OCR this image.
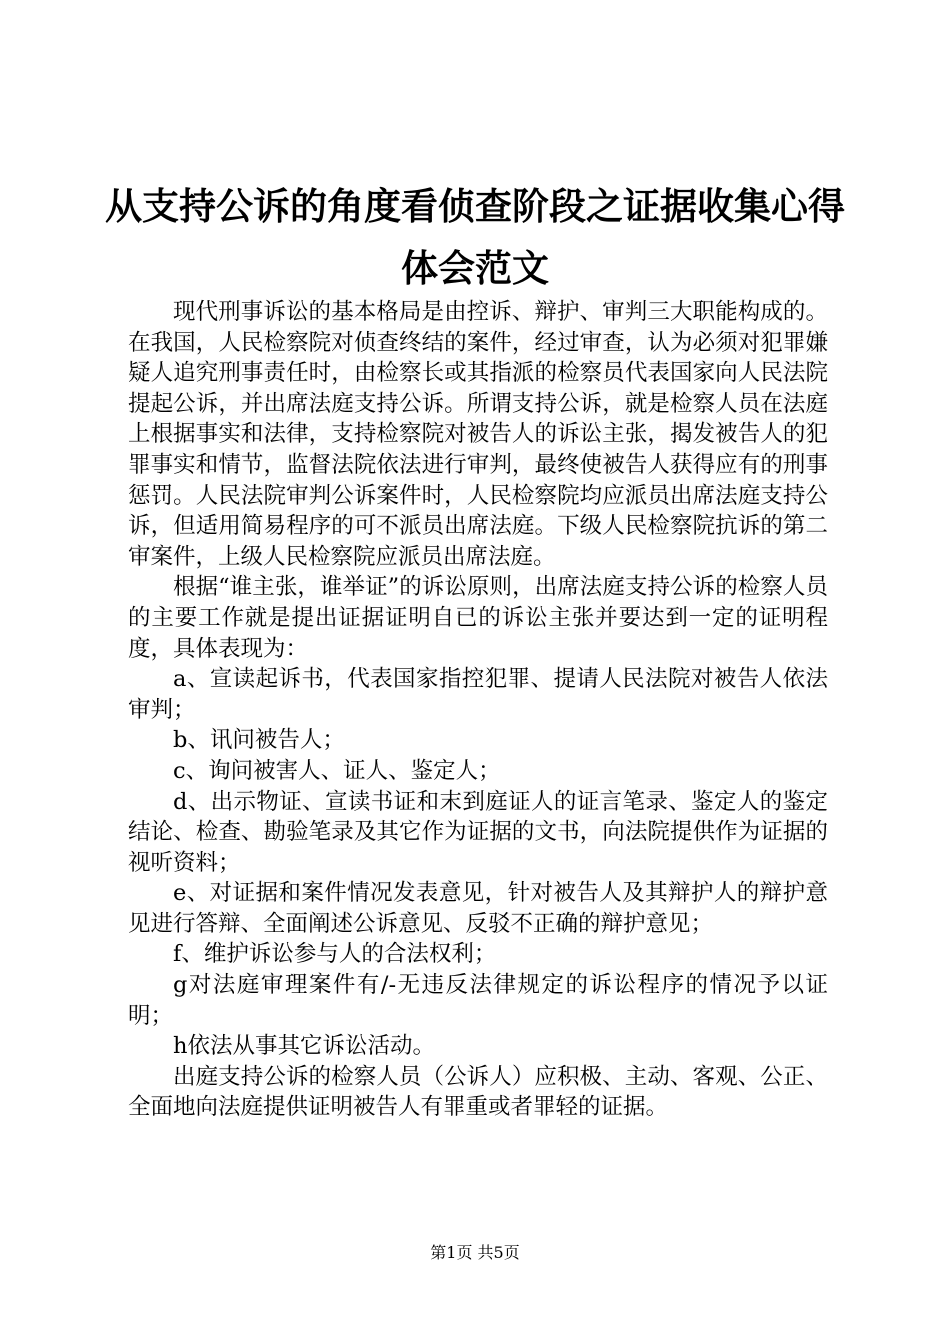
从支持公诉的角度看侦查阶段之证据收集心得
体会范文

现代刑事诉讼的基本格局是由控诉、辩护、审判三大职能构成的。在我国，人民检察院对侦查终结的案件，经过审查，认为必须对犯罪嫌疑人追究刑事责任时，由检察长或其指派的检察员代表国家向人民法院提起公诉，并出席法庭支持公诉。所谓支持公诉，就是检察人员在法庭上根据事实和法律，支持检察院对被告人的诉讼主张，揭发被告人的犯罪事实和情节，监督法院依法进行审判，最终使被告人获得应有的刑事惩罚。人民法院审判公诉案件时，人民检察院均应派员出席法庭支持公诉，但适用简易程序的可不派员出席法庭。下级人民检察院抗诉的第二审案件，上级人民检察院应派员出席法庭。

根据“谁主张，谁举证”的诉讼原则，出席法庭支持公诉的检察人员的主要工作就是提出证据证明自已的诉讼主张并要达到一定的证明程度，具体表现为：

a、宣读起诉书，代表国家指控犯罪、提请人民法院对被告人依法审判；

b、讯问被告人；

c、询问被害人、证人、鉴定人；

d、出示物证、宣读书证和末到庭证人的证言笔录、鉴定人的鉴定结论、检查、勘验笔录及其它作为证据的文书，向法院提供作为证据的视听资料；

e、对证据和案件情况发表意见，针对被告人及其辩护人的辩护意见进行答辩、全面阐述公诉意见、反驳不正确的辩护意见；

f、维护诉讼参与人的合法权利；

g对法庭审理案件有/-无违反法律规定的诉讼程序的情况予以证明；

h依法从事其它诉讼活动。

出庭支持公诉的检察人员（公诉人）应积极、主动、客观、公正、全面地向法庭提供证明被告人有罪重或者罪轻的证据。

第1页 共5页
